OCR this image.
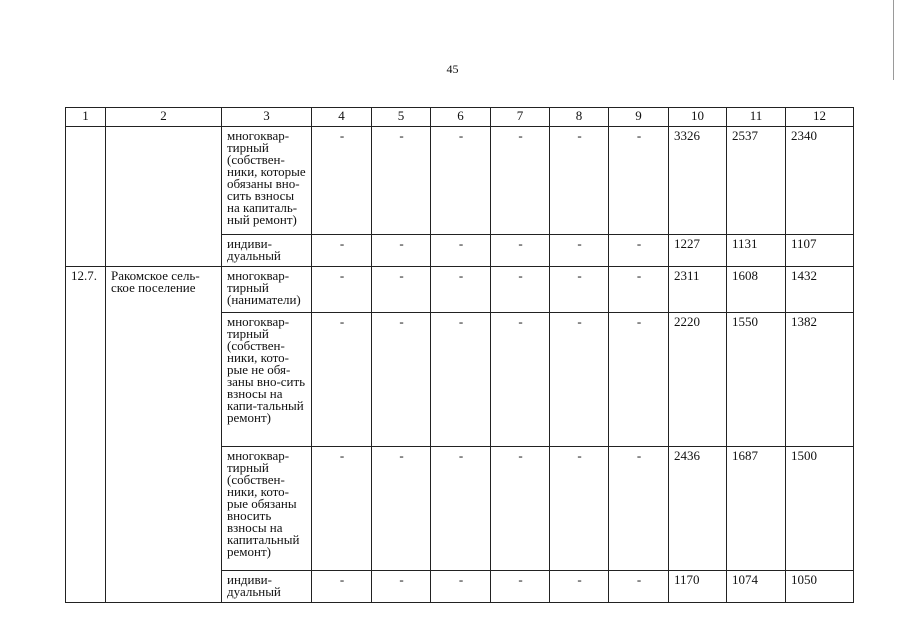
45
1	2	3	4	5	6	7	8	9	10	11	12
		многоквар-тирный (собствен-ники, которые обязаны вно-сить взносы на капиталь-ный ремонт)	-	-	-	-	-	-	3326	2537	2340
		индиви-дуальный	-	-	-	-	-	-	1227	1131	1107
12.7.	Ракомское сель-ское поселение	многоквар-тирный (наниматели)	-	-	-	-	-	-	2311	1608	1432
		многоквар-тирный (собствен-ники, кото-рые не обя-заны вно-сить взносы на капи-тальный ремонт)	-	-	-	-	-	-	2220	1550	1382
		многоквар-тирный (собствен-ники, кото-рые обязаны вносить взносы на капитальный ремонт)	-	-	-	-	-	-	2436	1687	1500
		индиви-дуальный	-	-	-	-	-	-	1170	1074	1050
